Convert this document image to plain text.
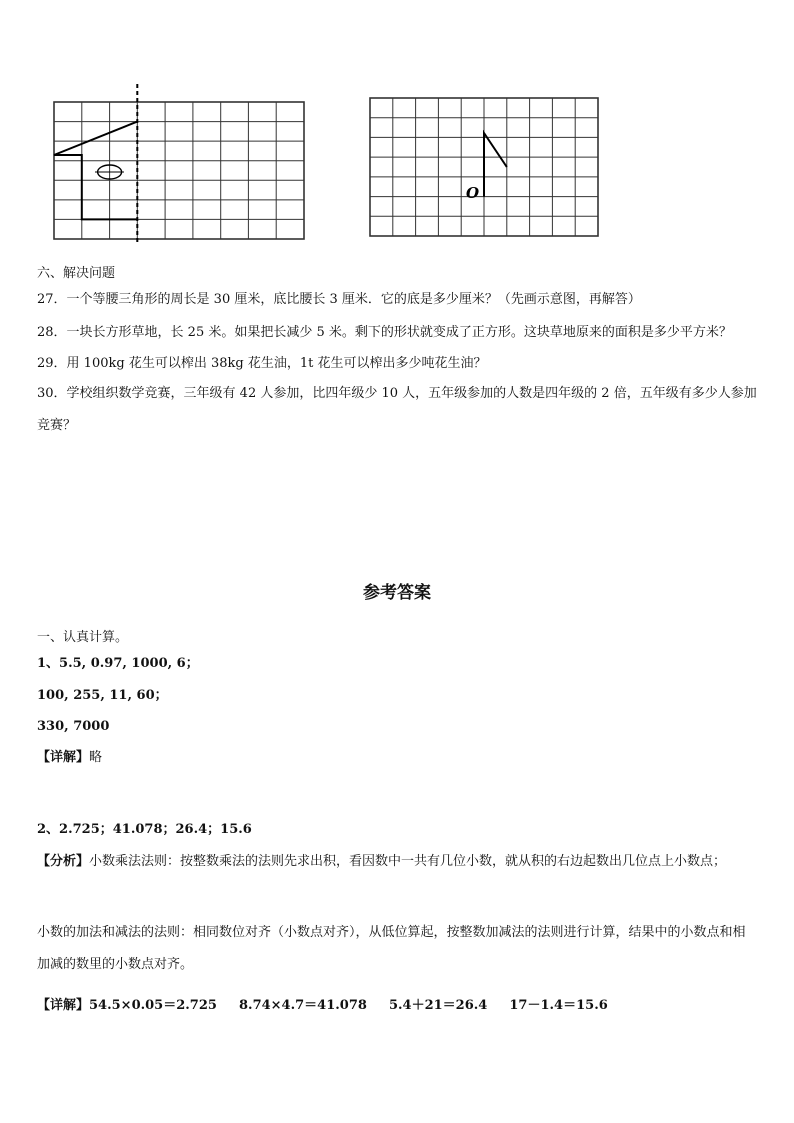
O
六、解决问题
27．一个等腰三角形的周长是 30 厘米，底比腰长 3 厘米．它的底是多少厘米？（先画示意图，再解答）
28．一块长方形草地，长 25 米。如果把长减少 5 米。剩下的形状就变成了正方形。这块草地原来的面积是多少平方米？
29．用 100kg 花生可以榨出 38kg 花生油，1t 花生可以榨出多少吨花生油？
30．学校组织数学竞赛，三年级有 42 人参加，比四年级少 10 人，五年级参加的人数是四年级的 2 倍，五年级有多少人参加竞赛？
参考答案
一、认真计算。
1、5.5, 0.97, 1000, 6；
100, 255, 11, 60；
330, 7000
【详解】略
2、2.725；41.078；26.4；15.6
【分析】小数乘法法则：按整数乘法的法则先求出积，看因数中一共有几位小数，就从积的右边起数出几位点上小数点；
小数的加法和减法的法则：相同数位对齐（小数点对齐），从低位算起，按整数加减法的法则进行计算，结果中的小数点和相加减的数里的小数点对齐。
【详解】54.5×0.05＝2.725　  8.74×4.7＝41.078　  5.4＋21＝26.4　  17－1.4＝15.6
